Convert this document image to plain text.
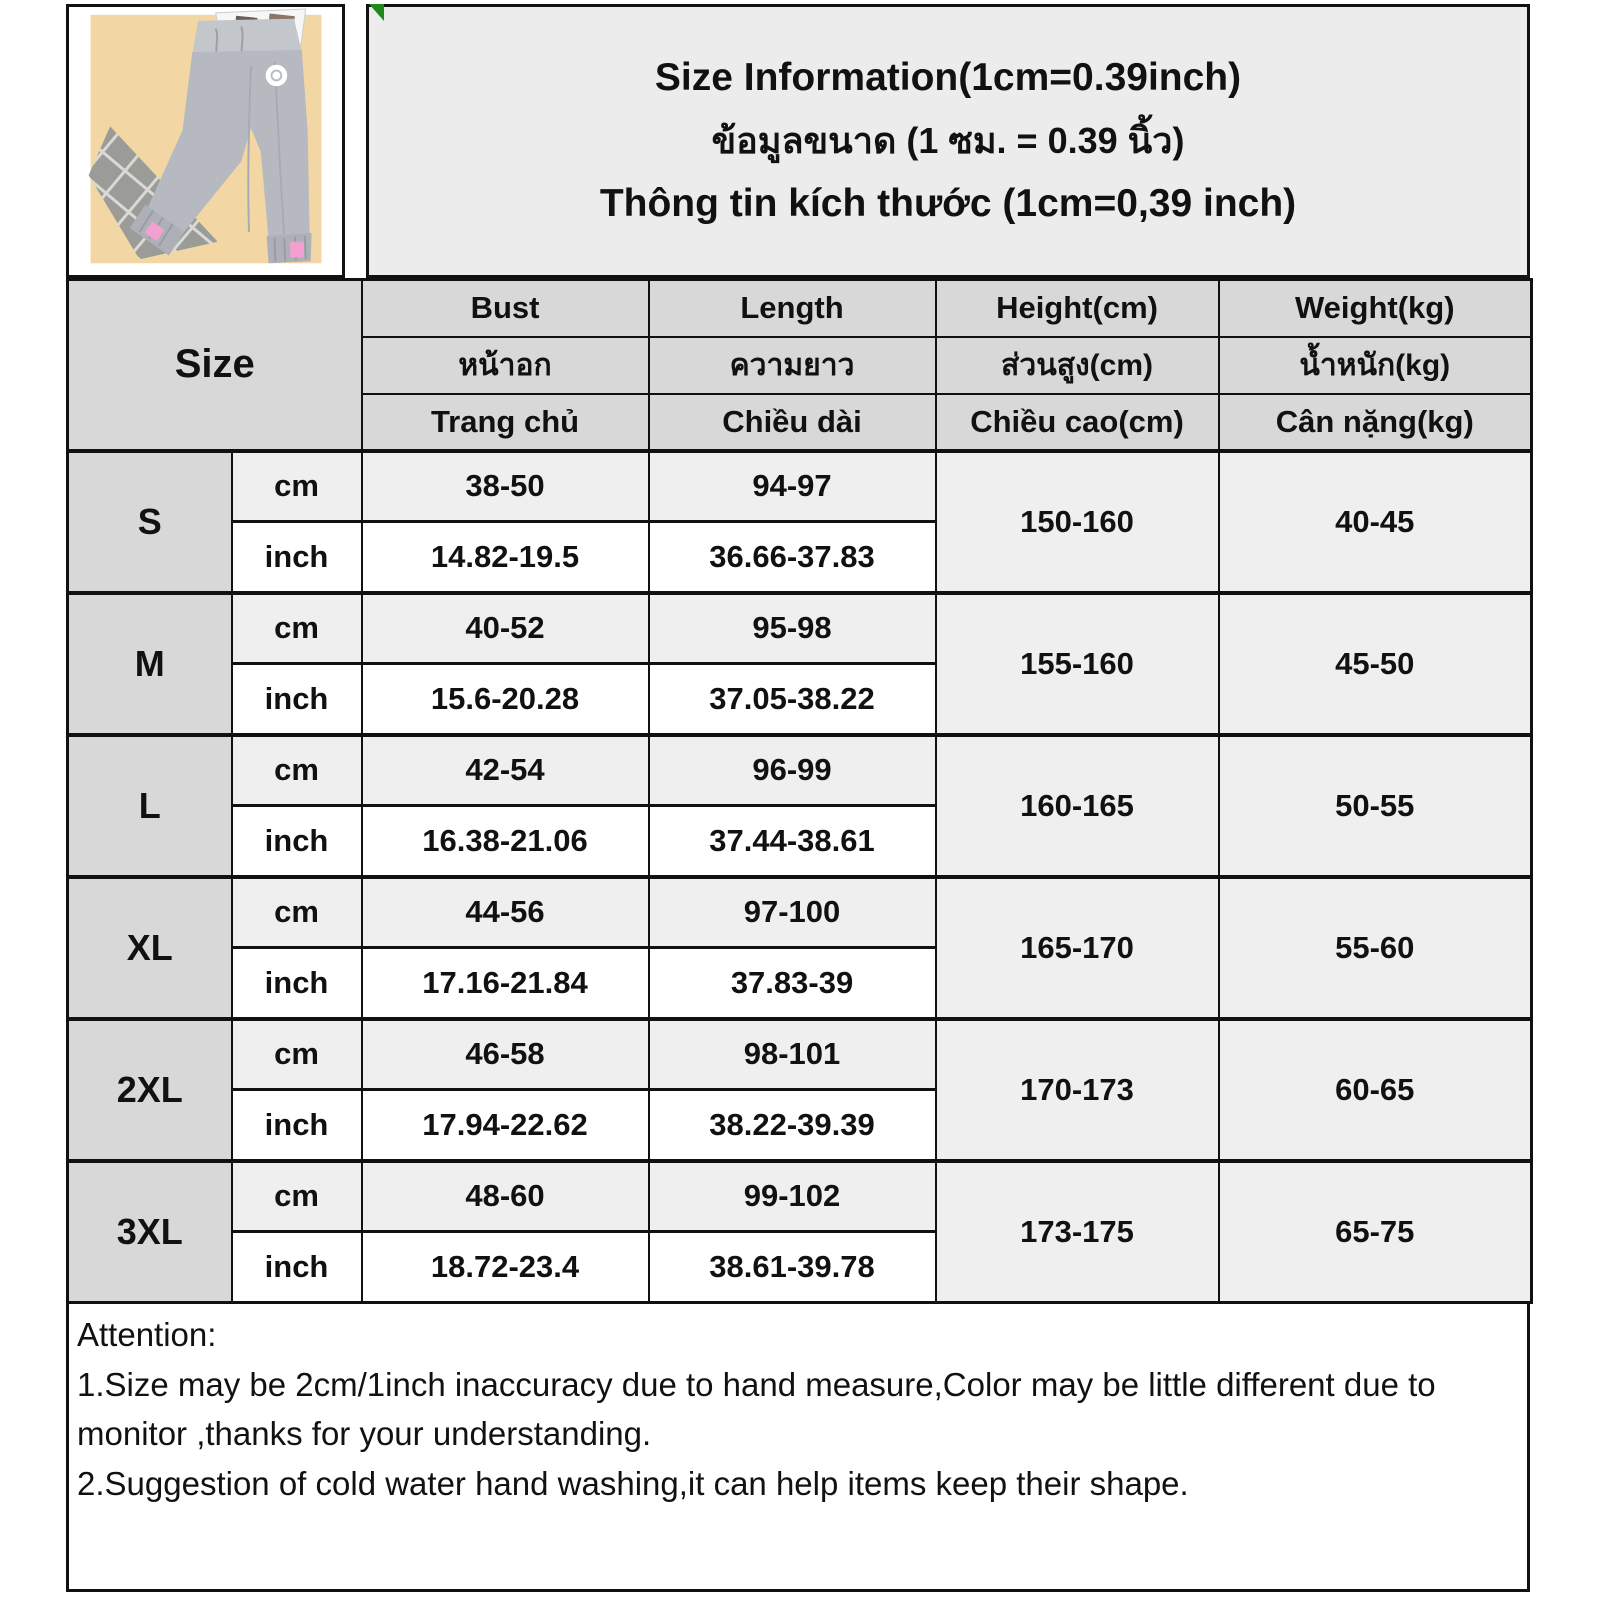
Size Information(1cm=0.39inch)
ข้อมูลขนาด (1 ซม. = 0.39 นิ้ว)
Thông tin kích thước (1cm=0,39 inch)
Size		Bust	Length	Height(cm)	Weight(kg)
		หน้าอก	ความยาว	ส่วนสูง(cm)	น้ำหนัก(kg)
		Trang chủ	Chiều dài	Chiều cao(cm)	Cân nặng(kg)
S	cm	38-50	94-97	150-160	40-45
	inch	14.82-19.5	36.66-37.83		
M	cm	40-52	95-98	155-160	45-50
	inch	15.6-20.28	37.05-38.22		
L	cm	42-54	96-99	160-165	50-55
	inch	16.38-21.06	37.44-38.61		
XL	cm	44-56	97-100	165-170	55-60
	inch	17.16-21.84	37.83-39		
2XL	cm	46-58	98-101	170-173	60-65
	inch	17.94-22.62	38.22-39.39		
3XL	cm	48-60	99-102	173-175	65-75
	inch	18.72-23.4	38.61-39.78		
Attention:
1.Size may be 2cm/1inch inaccuracy due to hand measure,Color may be little different due to monitor ,thanks for your understanding.
2.Suggestion of cold water hand washing,it can help items keep their shape.
